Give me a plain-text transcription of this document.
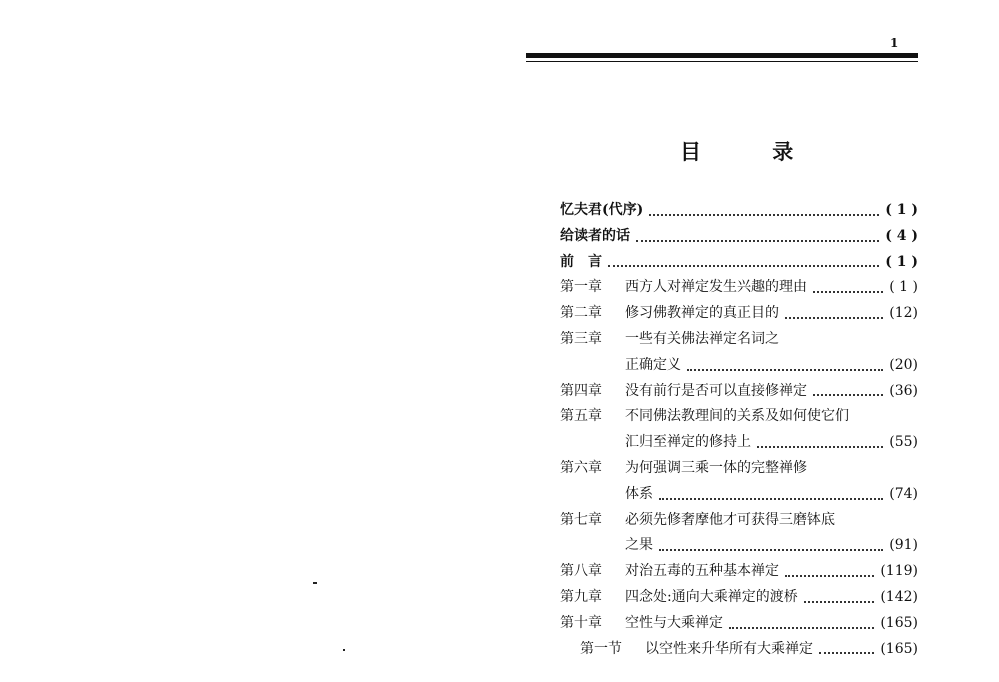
1
目 录
忆夫君(代序)	( 1 )
给读者的话	( 4 )
前　言	( 1 )
第一章 西方人对禅定发生兴趣的理由	( 1 )
第二章 修习佛教禅定的真正目的	(12)
第三章 一些有关佛法禅定名词之
正确定义	(20)
第四章 没有前行是否可以直接修禅定	(36)
第五章 不同佛法教理间的关系及如何使它们
汇归至禅定的修持上	(55)
第六章 为何强调三乘一体的完整禅修
体系	(74)
第七章 必须先修奢摩他才可获得三磨钵底
之果	(91)
第八章 对治五毒的五种基本禅定	(119)
第九章 四念处:通向大乘禅定的渡桥	(142)
第十章 空性与大乘禅定	(165)
第一节 以空性来升华所有大乘禅定	(165)
